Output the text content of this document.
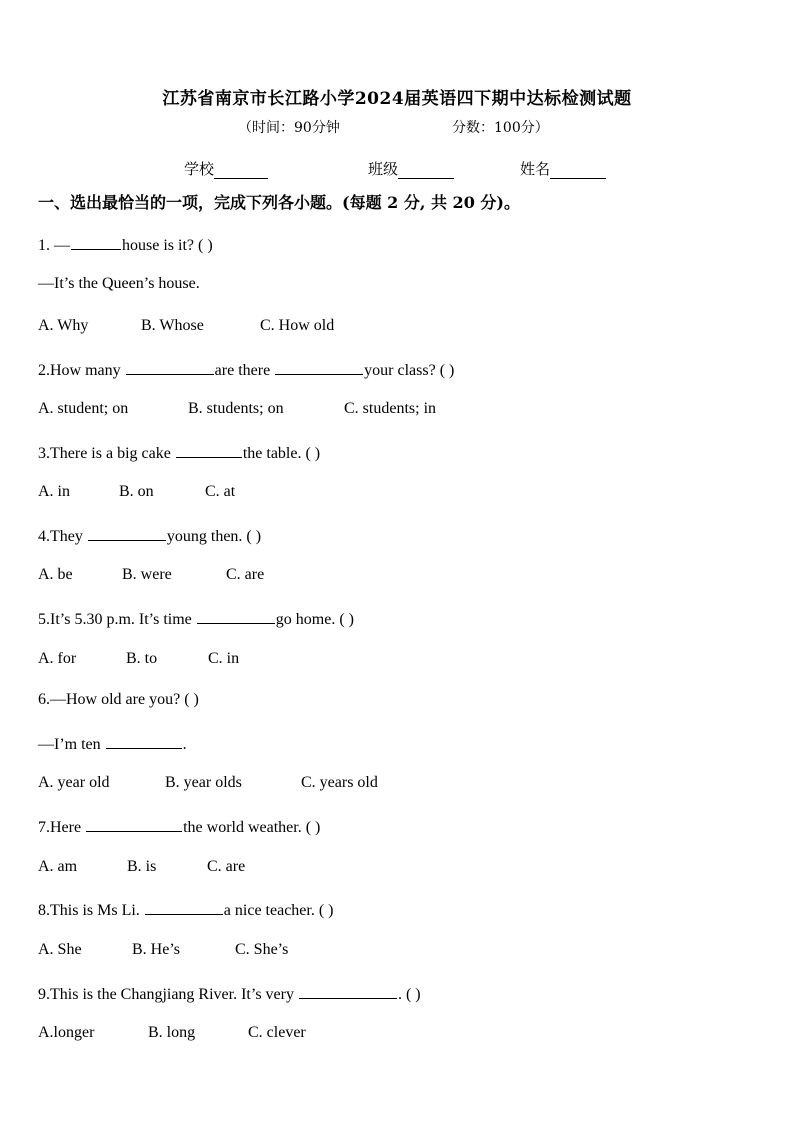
江苏省南京市长江路小学2024届英语四下期中达标检测试题
（时间：90分钟	分数：100分）
学校	班级	姓名
一、选出最恰当的一项，完成下列各小题。(每题 2 分, 共 20 分)。
1. —	house is it? ( )
—It’s the Queen’s house.
A. Why	B. Whose	C. How old
2.How many	are there	your class? ( )
A. student; on	B. students; on	C. students; in
3.There is a big cake	the table. ( )
A. in	B. on	C. at
4.They	young then. ( )
A. be	B. were	C. are
5.It’s 5.30 p.m. It’s time	go home. ( )
A. for	B. to	C. in
6.—How old are you? ( )
—I’m ten	.
A. year old	B. year olds	C. years old
7.Here	the world weather. ( )
A. am	B. is	C. are
8.This is Ms Li.	a nice teacher. ( )
A. She	B. He’s	C. She’s
9.This is the Changjiang River. It’s very	. ( )
A.longer	B. long	C. clever
